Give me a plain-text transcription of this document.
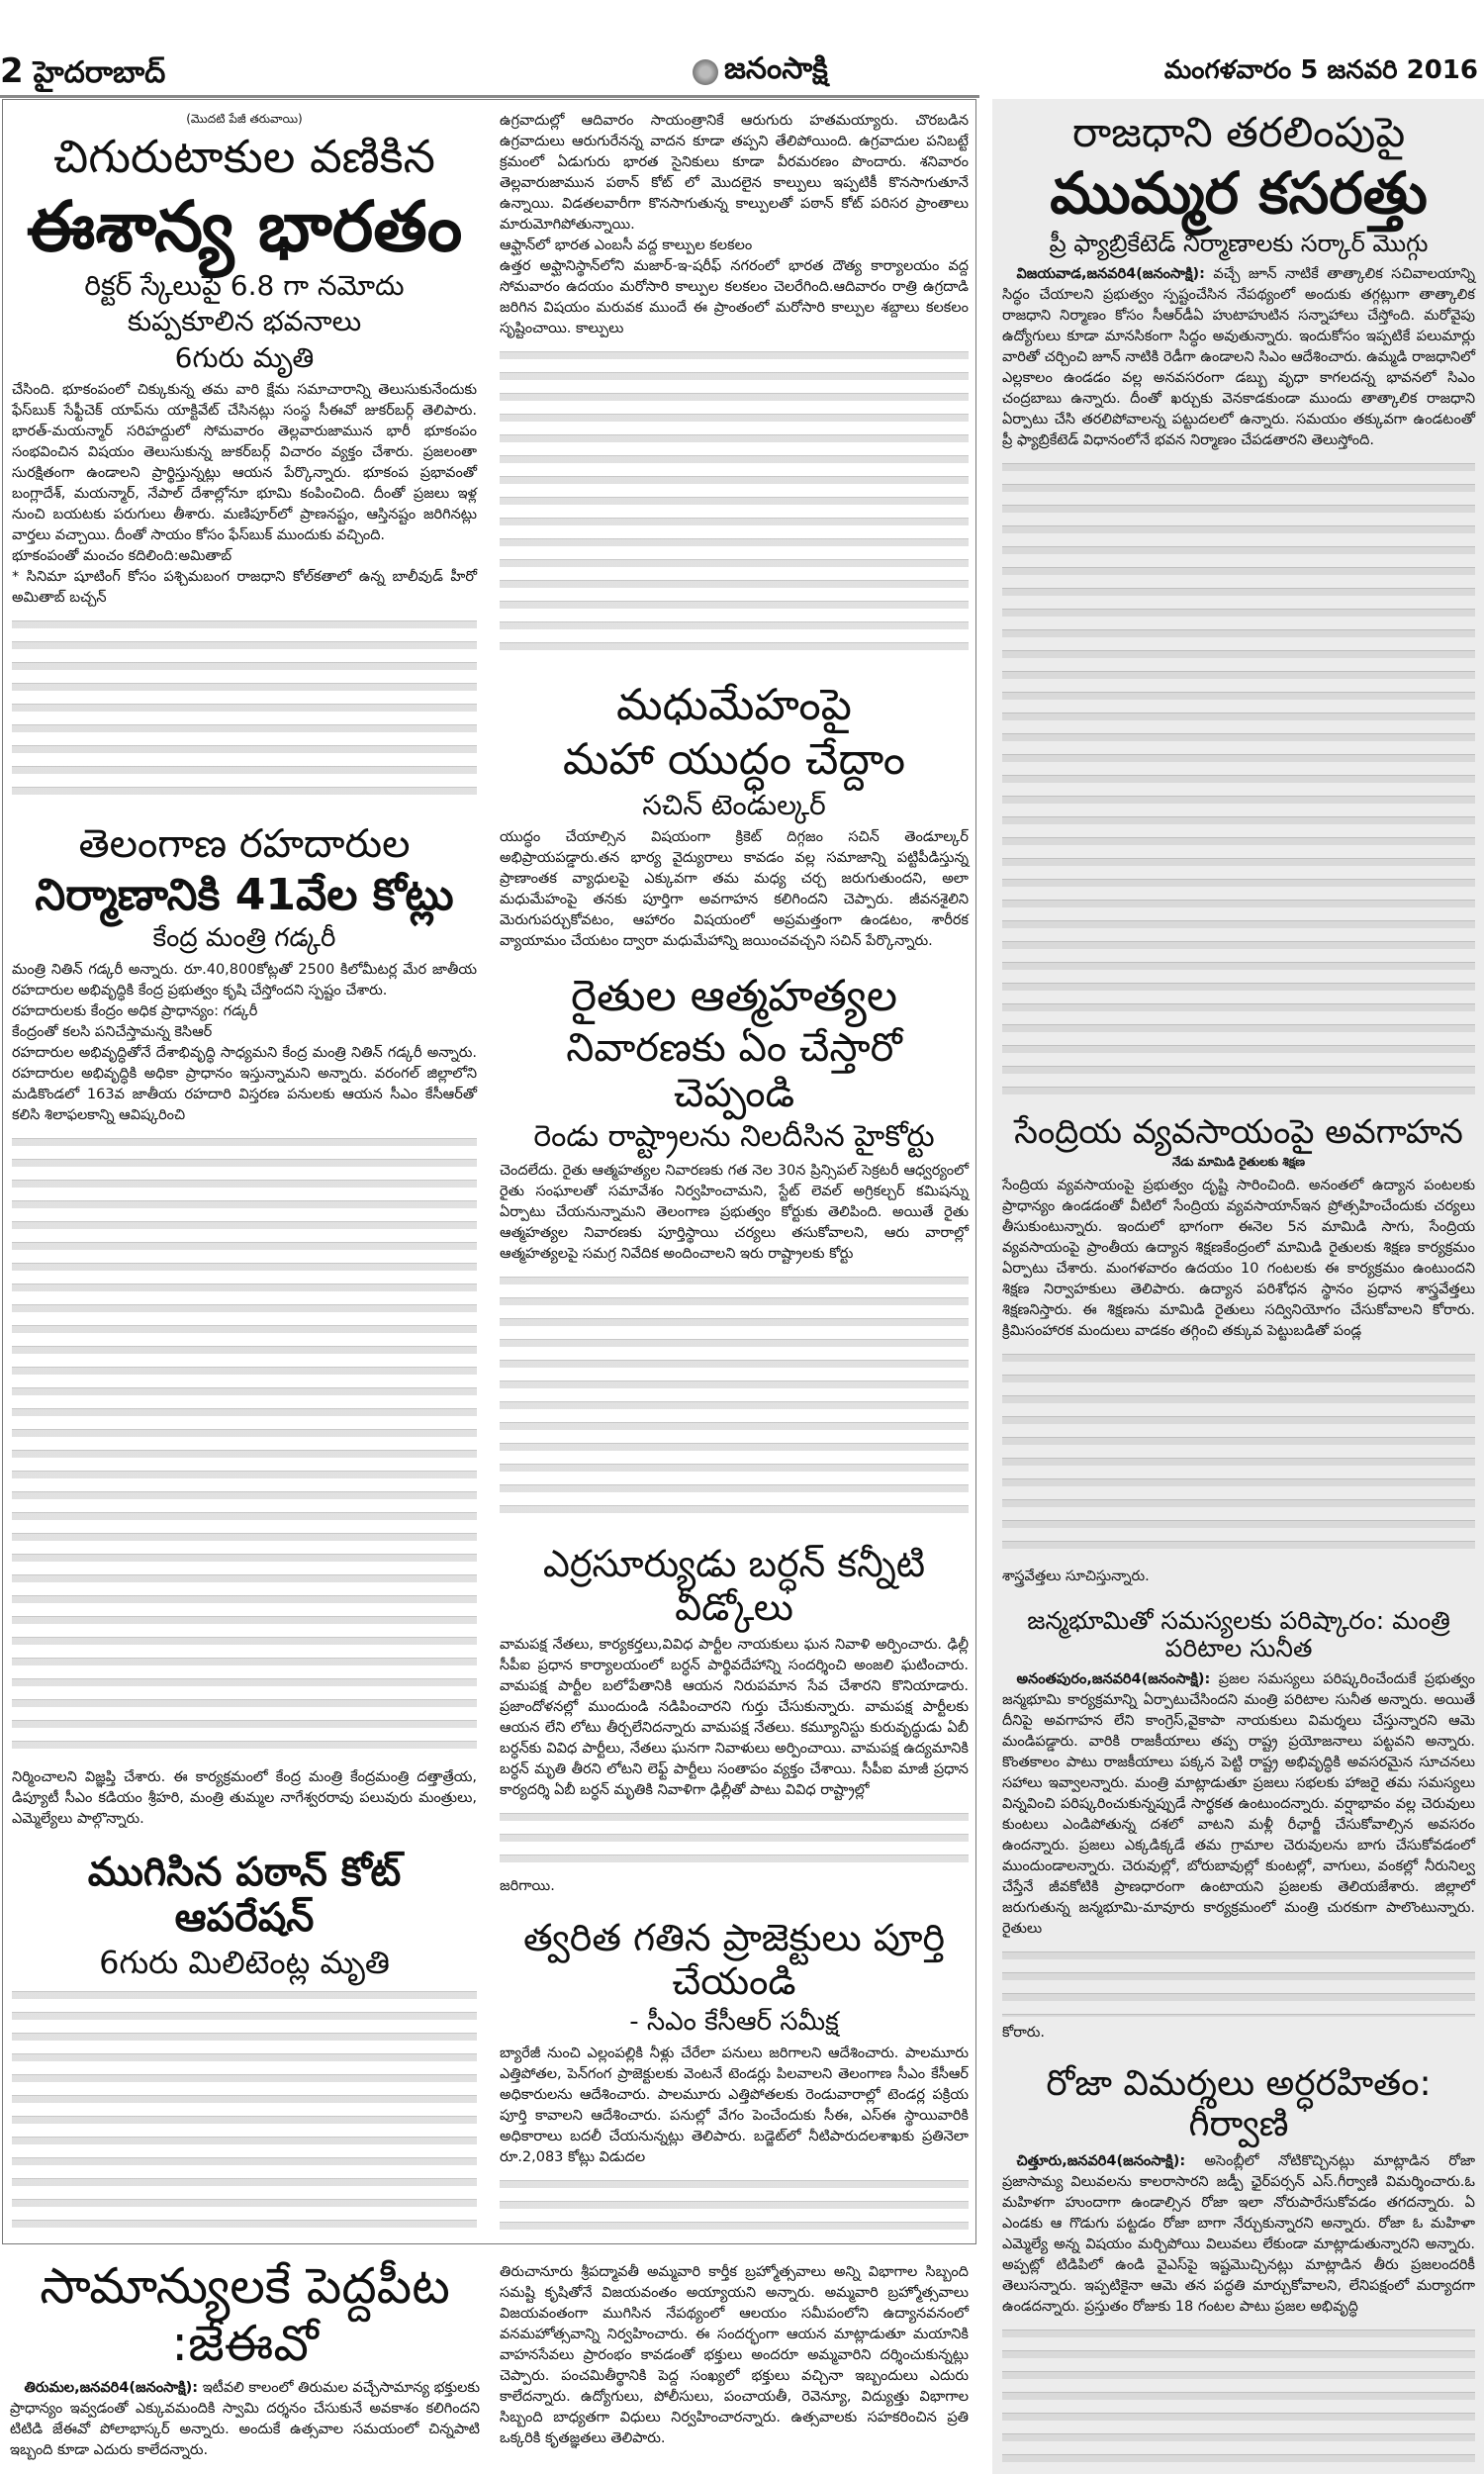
2 హైదరాబాద్	జనంసాక్షి	మంగళవారం 5 జనవరి 2016
(మొదటి పేజీ తరువాయి)
చిగురుటాకుల వణికిన
ఈశాన్య భారతం
రిక్టర్ స్కేలుపై 6.8 గా నమోదు
కుప్పకూలిన భవనాలు
6గురు మృతి

చేసింది. భూకంపంలో చిక్కుకున్న తమ వారి క్షేమ సమాచారాన్ని తెలుసుకునేందుకు ఫేస్‌బుక్ సేఫ్టీచెక్ యాప్‌ను యాక్టివేట్ చేసినట్లు సంస్థ సీఈవో జుకర్‌బర్గ్ తెలిపారు. భారత్-మయన్మార్ సరిహద్దులో సోమవారం తెల్లవారుజామున భారీ భూకంపం సంభవించిన విషయం తెలుసుకున్న జుకర్‌బర్గ్ విచారం వ్యక్తం చేశారు. ప్రజలంతా సురక్షితంగా ఉండాలని ప్రార్థిస్తున్నట్లు ఆయన పేర్కొన్నారు. భూకంప ప్రభావంతో బంగ్లాదేశ్, మయన్మార్, నేపాల్ దేశాల్లోనూ భూమి కంపించింది. దీంతో ప్రజలు ఇళ్ల నుంచి బయటకు పరుగులు తీశారు. మణిపూర్‌లో ప్రాణనష్టం, ఆస్తినష్టం జరిగినట్లు వార్తలు వచ్చాయి. దీంతో సాయం కోసం ఫేస్‌బుక్ ముందుకు వచ్చింది.

భూకంపంతో మంచం కదిలింది:అమితాబ్

* సినిమా షూటింగ్ కోసం పశ్చిమబంగ రాజధాని కోల్‌కతాలో ఉన్న బాలీవుడ్ హీరో అమితాబ్ బచ్చన్

తెలంగాణ రహదారుల
నిర్మాణానికి 41వేల కోట్లు
కేంద్ర మంత్రి గడ్కరీ

మంత్రి నితిన్ గడ్కరీ అన్నారు. రూ.40,800కోట్లతో 2500 కిలోమీటర్ల మేర జాతీయ రహదారుల అభివృద్ధికి కేంద్ర ప్రభుత్వం కృషి చేస్తోందని స్పష్టం చేశారు.

రహదారులకు కేంద్రం అధిక ప్రాధాన్యం: గడ్కరీ

కేంద్రంతో కలసి పనిచేస్తామన్న కెసిఆర్

రహదారుల అభివృద్ధితోనే దేశాభివృద్ధి సాధ్యమని కేంద్ర మంత్రి నితిన్ గడ్కరీ అన్నారు. రహదారుల అభివృద్ధికి అధికా ప్రాధానం ఇస్తున్నామని అన్నారు. వరంగల్ జిల్లాలోని మడికొండలో 163వ జాతీయ రహదారి విస్తరణ పనులకు ఆయన సీఎం కేసీఆర్‌తో కలిసి శిలాఫలకాన్ని ఆవిష్కరించి

నిర్మించాలని విజ్ఞప్తి చేశారు. ఈ కార్యక్రమంలో కేంద్ర మంత్రి కేంద్రమంత్రి దత్తాత్రేయ, డిప్యూటీ సీఎం కడియం శ్రీహరి, మంత్రి తుమ్మల నాగేశ్వరరావు పలువురు మంత్రులు, ఎమ్మెల్యేలు పాల్గొన్నారు.

ముగిసిన పఠాన్ కోట్ ఆపరేషన్
6గురు మిలిటెంట్ల మృతి

ఉగ్రవాదుల్లో ఆదివారం సాయంత్రానికే ఆరుగురు హతమయ్యారు. చొరబడిన ఉగ్రవాదులు ఆరుగురేనన్న వాదన కూడా తప్పని తేలిపోయింది. ఉగ్రవాదుల పనిబట్టే క్రమంలో ఏడుగురు భారత సైనికులు కూడా వీరమరణం పొందారు. శనివారం తెల్లవారుజామున పఠాన్ కోట్ లో మొదలైన కాల్పులు ఇప్పటికీ కొనసాగుతూనే ఉన్నాయి. విడతలవారీగా కొనసాగుతున్న కాల్పులతో పఠాన్ కోట్ పరిసర ప్రాంతాలు మారుమోగిపోతున్నాయి.

ఆఫ్ఘాన్‌లో భారత ఎంబసీ వద్ద కాల్పుల కలకలం

ఉత్తర అఫ్ఘానిస్థాన్‌లోని మజార్-ఇ-షరీఫ్ నగరంలో భారత దౌత్య కార్యాలయం వద్ద సోమవారం ఉదయం మరోసారి కాల్పుల కలకలం చెలరేగింది.ఆదివారం రాత్రి ఉగ్రదాడి జరిగిన విషయం మరువక ముందే ఈ ప్రాంతంలో మరోసారి కాల్పుల శబ్దాలు కలకలం సృష్టించాయి. కాల్పులు

మధుమేహంపై
మహా యుద్ధం చేద్దాం
సచిన్ టెండుల్కర్

యుద్ధం చేయాల్సిన విషయంగా క్రికెట్ దిగ్గజం సచిన్ తెండూల్కర్ అభిప్రాయపడ్డారు.తన భార్య వైద్యురాలు కావడం వల్ల సమాజాన్ని పట్టిపీడిస్తున్న ప్రాణాంతక వ్యాధులపై ఎక్కువగా తమ మధ్య చర్చ జరుగుతుందని, అలా మధుమేహంపై తనకు పూర్తిగా అవగాహన కలిగిందని చెప్పారు. జీవనశైలిని మెరుగుపర్చుకోవటం, ఆహారం విషయంలో అప్రమత్తంగా ఉండటం, శారీరక వ్యాయామం చేయటం ద్వారా మధుమేహాన్ని జయించవచ్చని సచిన్ పేర్కొన్నారు.

రైతుల ఆత్మహత్యల
నివారణకు ఏం చేస్తారో చెప్పండి
రెండు రాష్ట్రాలను నిలదీసిన హైకోర్టు

చెందలేదు. రైతు ఆత్మహత్యల నివారణకు గత నెల 30న ప్రిన్సిపల్ సెక్రటరీ ఆధ్వర్యంలో రైతు సంఘాలతో సమావేశం నిర్వహించామని, స్టేట్ లెవల్ అగ్రికల్చర్ కమిషన్ను ఏర్పాటు చేయనున్నామని తెలంగాణ ప్రభుత్వం కోర్టుకు తెలిపింది. అయితే రైతు ఆత్మహత్యల నివారణకు పూర్తిస్థాయి చర్యలు తసుకోవాలని, ఆరు వారాల్లో ఆత్మహత్యలపై సమగ్ర నివేదిక అందించాలని ఇరు రాష్ట్రాలకు కోర్టు

ఎర్రసూర్యుడు బర్ధన్ కన్నీటి వీడ్కోలు

వామపక్ష నేతలు, కార్యకర్తలు,వివిధ పార్టీల నాయకులు ఘన నివాళి అర్పించారు. ఢిల్లీ సీపీఐ ప్రధాన కార్యాలయంలో బర్ధన్ పార్థివదేహాన్ని సందర్శించి అంజలి ఘటించారు. వామపక్ష పార్టీల బలోపేతానికి ఆయన నిరుపమాన సేవ చేశారని కొనియాడారు. ప్రజాందోళనల్లో ముందుండి నడిపించారని గుర్తు చేసుకున్నారు. వామపక్ష పార్టీలకు ఆయన లేని లోటు తీర్చలేనిదన్నారు వామపక్ష నేతలు. కమ్యూనిస్టు కురువృద్ధుడు ఏబీ బర్ధన్‌కు వివిధ పార్టీలు, నేతలు ఘనగా నివాళులు అర్పించాయి. వామపక్ష ఉద్యమానికి బర్ధన్ మృతి తీరని లోటని లెఫ్ట్ పార్టీలు సంతాపం వ్యక్తం చేశాయి. సీపీఐ మాజీ ప్రధాన కార్యదర్శి ఏబీ బర్ధన్ మృతికి నివాళిగా ఢిల్లీతో పాటు వివిధ రాష్ట్రాల్లో

జరిగాయి.

త్వరిత గతిన ప్రాజెక్టులు పూర్తి చేయండి
- సీఎం కేసీఆర్ సమీక్ష

బ్యారేజీ నుంచి ఎల్లంపల్లికి నీళ్లు చేరేలా పనులు జరిగాలని ఆదేశించారు. పాలమూరు ఎత్తిపోతల, పెన్‌గంగ ప్రాజెక్టులకు వెంటనే టెండర్లు పిలవాలని తెలంగాణ సీఎం కేసీఆర్ అధికారులను ఆదేశించారు. పాలమూరు ఎత్తిపోతలకు రెండువారాల్లో టెండర్ల పక్రియ పూర్తి కావాలని ఆదేశించారు. పనుల్లో వేగం పెంచేందుకు సీఈ, ఎస్‌ఈ స్థాయివారికి అధికారాలు బదలీ చేయనున్నట్లు తెలిపారు. బడ్జెట్‌లో నీటిపారుదలశాఖకు ప్రతినెలా రూ.2,083 కోట్లు విడుదల

సామాన్యులకే పెద్దపీట :జేఈవో

 తిరుమల,జనవరి4(జనంసాక్షి): ఇటీవలి కాలంలో తిరుమల వచ్చేసామాన్య భక్తులకు ప్రాధాన్యం ఇవ్వడంతో ఎక్కువమందికి స్వామి దర్శనం చేసుకునే అవకాశం కలిగిందని టిటిడి జేఈవో పోలాభాస్కర్ అన్నారు. అందుకే ఉత్సవాల సమయంలో చిన్నపాటి ఇబ్బంది కూడా ఎదురు కాలేదన్నారు.

తిరుచానూరు శ్రీపద్మావతీ అమ్మవారి కార్తీక బ్రహ్మోత్సవాలు అన్ని విభాగాల సిబ్బంది సమష్టి కృషితోనే విజయవంతం అయ్యాయని అన్నారు. అమ్మవారి బ్రహ్మోత్సవాలు విజయవంతంగా ముగిసిన నేపథ్యంలో ఆలయం సమీపంలోని ఉద్యానవనంలో వనమహోత్సవాన్ని నిర్వహించారు. ఈ సందర్భంగా ఆయన మాట్లాడుతూ మయానికి వాహనసేవలు ప్రారంభం కావడంతో భక్తులు అందరూ అమ్మవారిని దర్శించుకున్నట్లు చెప్పారు. పంచమితీర్థానికి పెద్ద సంఖ్యలో భక్తులు వచ్చినా ఇబ్బందులు ఎదురు కాలేదన్నారు. ఉద్యోగులు, పోలీసులు, పంచాయతీ, రెవెన్యూ, విద్యుత్తు విభాగాల సిబ్బంది బాధ్యతగా విధులు నిర్వహించారన్నారు. ఉత్సవాలకు సహకరించిన ప్రతి ఒక్కరికి కృతజ్ఞతలు తెలిపారు.

రాజధాని తరలింపుపై
ముమ్మర కసరత్తు
ప్రీ ఫ్యాబ్రికేటెడ్ నిర్మాణాలకు సర్కార్ మొగ్గు

 విజయవాడ,జనవరి4(జనంసాక్షి): వచ్చే జూన్ నాటికే తాత్కాలిక సచివాలయాన్ని సిద్ధం చేయాలని ప్రభుత్వం స్పష్టంచేసిన నేపథ్యంలో అందుకు తగ్గట్లుగా తాత్కాలిక రాజధాని నిర్మాణం కోసం సీఆర్‌డీఏ హుటాహుటిన సన్నాహాలు చేస్తోంది. మరోవైపు ఉద్యోగులు కూడా మానసికంగా సిద్ధం అవుతున్నారు. ఇందుకోసం ఇప్పటికే పలుమార్లు వారితో చర్చించి జూన్ నాటికి రెడీగా ఉండాలని సిఎం ఆదేశించారు. ఉమ్మడి రాజధానిలో ఎల్లకాలం ఉండడం వల్ల అనవసరంగా డబ్బు వృధా కాగలదన్న భావనలో సిఎం చంద్రబాబు ఉన్నారు. దీంతో ఖర్చుకు వెనకాడకుండా ముందు తాత్కాలిక రాజధాని ఏర్పాటు చేసి తరలిపోవాలన్న పట్టుదలలో ఉన్నారు. సమయం తక్కువగా ఉండటంతో ప్రీ ఫ్యాబ్రికేటెడ్ విధానంలోనే భవన నిర్మాణం చేపడతారని తెలుస్తోంది.

సేంద్రియ వ్యవసాయంపై అవగాహన
నేడు మామిడి రైతులకు శిక్షణ

సేంద్రియ వ్యవసాయంపై ప్రభుత్వం దృష్టి సారించింది. అనంతలో ఉద్యాన పంటలకు ప్రాధాన్యం ఉండడంతో వీటిలో సేంద్రియ వ్యవసాయాన్ఇన ప్రోత్సహించేందుకు చర్యలు తీసుకుంటున్నారు. ఇందులో భాగంగా ఈనెల 5న మామిడి సాగు, సేంద్రియ వ్యవసాయంపై ప్రాంతీయ ఉద్యాన శిక్షణకేంద్రంలో మామిడి రైతులకు శిక్షణ కార్యక్రమం ఏర్పాటు చేశారు. మంగళవారం ఉదయం 10 గంటలకు ఈ కార్యక్రమం ఉంటుందని శిక్షణ నిర్వాహకులు తెలిపారు. ఉద్యాన పరిశోధన స్థానం ప్రధాన శాస్త్రవేత్తలు శిక్షణనిస్తారు. ఈ శిక్షణను మామిడి రైతులు సద్వినియోగం చేసుకోవాలని కోరారు. క్రిమిసంహారక మందులు వాడకం తగ్గించి తక్కువ పెట్టుబడితో పండ్ల

శాస్త్రవేత్తలు సూచిస్తున్నారు.

జన్మభూమితో సమస్యలకు పరిష్కారం: మంత్రి పరిటాల సునీత

 అనంతపురం,జనవరి4(జనంసాక్షి): ప్రజల సమస్యలు పరిష్కరించేందుకే ప్రభుత్వం జన్మభూమి కార్యక్రమాన్ని ఏర్పాటుచేసిందని మంత్రి పరిటాల సునీత అన్నారు. అయితే దీనిపై అవగాహన లేని కాంగ్రెస్,వైకాపా నాయకులు విమర్శలు చేస్తున్నారని ఆమె మండిపడ్డారు. వారికి రాజకీయాలు తప్ప రాష్ట్ర ప్రయోజనాలు పట్టవని అన్నారు. కొంతకాలం పాటు రాజకీయాలు పక్కన పెట్టి రాష్ట్ర అభివృద్ధికి అవసరమైన సూచనలు సహాలు ఇవ్వాలన్నారు. మంత్రి మాట్లాడుతూ ప్రజలు సభలకు హాజరై తమ సమస్యలు విన్నవించి పరిష్కరించుకున్నప్పుడే సార్థకత ఉంటుందన్నారు. వర్షాభావం వల్ల చెరువులు కుంటలు ఎండిపోతున్న దశలో వాటని మళ్లీ రీఛార్జీ చేసుకోవాల్సిన అవసరం ఉందన్నారు. ప్రజలు ఎక్కడిక్కడే తమ గ్రామాల చెరువులను బాగు చేసుకోవడంలో ముందుండాలన్నారు. చెరువుల్లో, బోరుబావుల్లో కుంటల్లో, వాగులు, వంకల్లో నీరునిల్వ చేస్తేనే జీవకోటికి ప్రాణధారంగా ఉంటాయని ప్రజలకు తెలియజేశారు. జిల్లాలో జరుగుతున్న జన్మభూమి-మావూరు కార్యక్రమంలో మంత్రి చురకుగా పాలొంటున్నారు. రైతులు

కోరారు.

రోజా విమర్శలు అర్ధరహితం: గీర్వాణి

 చిత్తూరు,జనవరి4(జనంసాక్షి): అసెంబ్లీలో నోటికొచ్చినట్లు మాట్లాడిన రోజా ప్రజాసామ్య విలువలను కాలరాసారని జడ్పీ ఛైర్‌పర్సన్ ఎస్.గీర్వాణి విమర్శించారు.ఓ మహిళగా హుందాగా ఉండాల్సిన రోజా ఇలా నోరుపారేసుకోవడం తగదన్నారు. ఏ ఎండకు ఆ గొడుగు పట్టడం రోజా బాగా నేర్చుకున్నారని అన్నారు. రోజా ఓ మహిళా ఎమ్మెల్యే అన్న విషయం మర్చిపోయి విలువలు లేకుండా మాట్లాడుతున్నారని అన్నారు. అప్పట్లో టిడిపిలో ఉండి వైఎస్‌పై ఇష్టమొచ్చినట్లు మాట్లాడిన తీరు ప్రజలందరికీ తెలుసన్నారు. ఇప్పటికైనా ఆమె తన పద్ధతి మార్చుకోవాలని, లేనిపక్షంలో మర్యాదగా ఉండదన్నారు. ప్రస్తుతం రోజుకు 18 గంటల పాటు ప్రజల అభివృద్ధి
